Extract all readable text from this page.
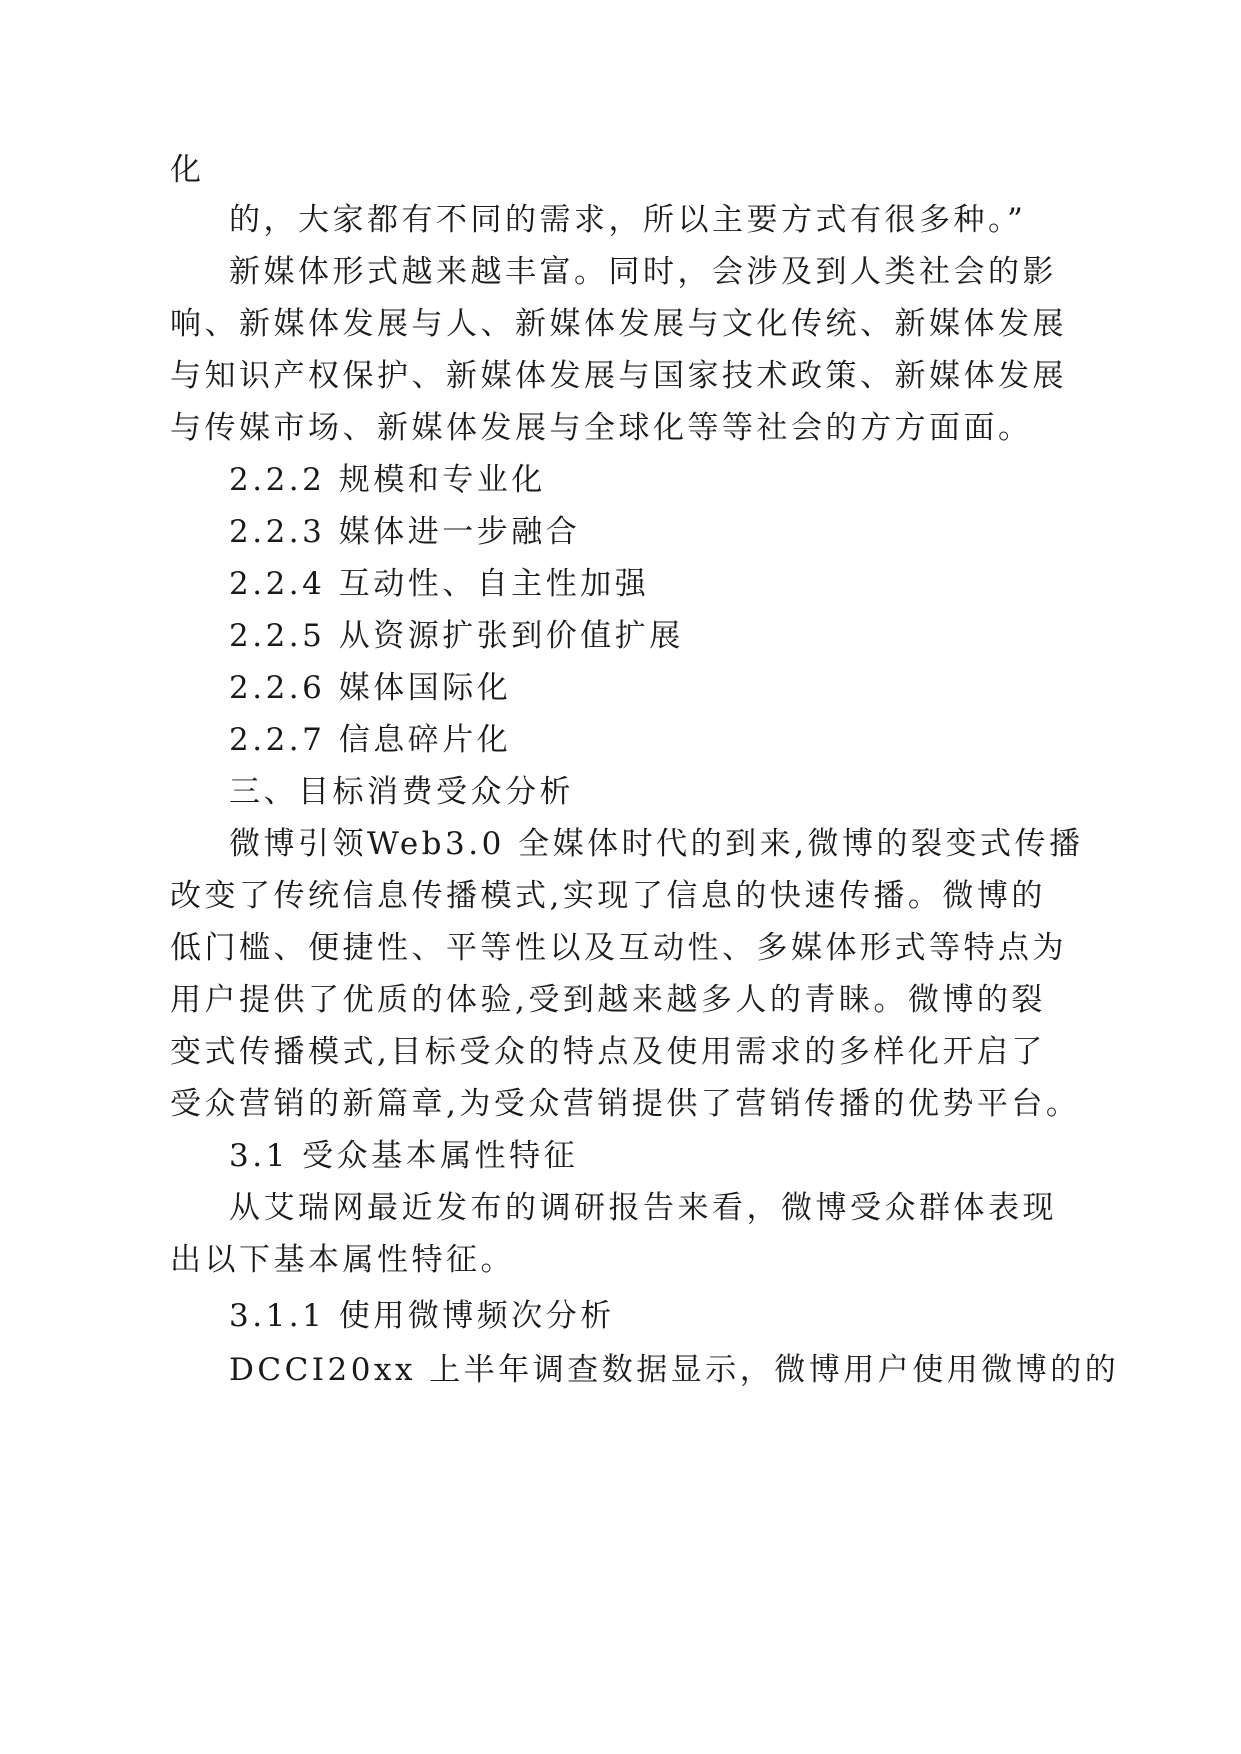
化
的，大家都有不同的需求，所以主要方式有很多种。”
新媒体形式越来越丰富。同时，会涉及到人类社会的影
响、新媒体发展与人、新媒体发展与文化传统、新媒体发展
与知识产权保护、新媒体发展与国家技术政策、新媒体发展
与传媒市场、新媒体发展与全球化等等社会的方方面面。
2.2.2 规模和专业化
2.2.3 媒体进一步融合
2.2.4 互动性、自主性加强
2.2.5 从资源扩张到价值扩展
2.2.6 媒体国际化
2.2.7 信息碎片化
三、目标消费受众分析
微博引领Web3.0 全媒体时代的到来,微博的裂变式传播
改变了传统信息传播模式,实现了信息的快速传播。微博的
低门槛、便捷性、平等性以及互动性、多媒体形式等特点为
用户提供了优质的体验,受到越来越多人的青睐。微博的裂
变式传播模式,目标受众的特点及使用需求的多样化开启了
受众营销的新篇章,为受众营销提供了营销传播的优势平台。
3.1 受众基本属性特征
从艾瑞网最近发布的调研报告来看，微博受众群体表现
出以下基本属性特征。
3.1.1 使用微博频次分析
DCCI20xx 上半年调查数据显示，微博用户使用微博的的
